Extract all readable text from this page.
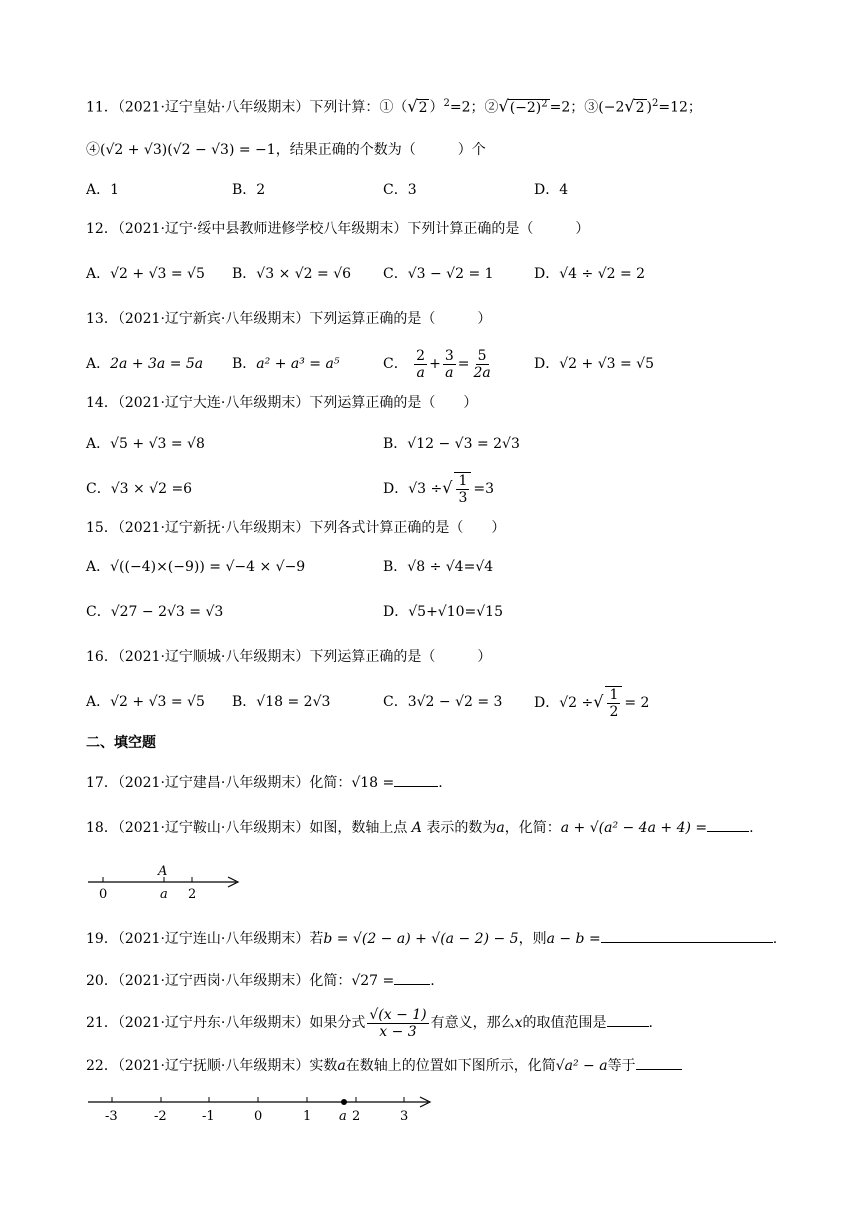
11．（2021·辽宁皇姑·八年级期末）下列计算：①（√2 ）$^2$=2；$②√(-2)^2 =2$；③(−2√2 )$^2$=12；
④(√2 + √3)(√2 − √3) = −1，结果正确的个数为（　　　）个
A．1	B．2	C．3	D．4
12．（2021·辽宁·绥中县教师进修学校八年级期末）下列计算正确的是（　　　）
A．√2 + √3 = √5 B．√3 × √2 = √6 C．√3 − √2 = 1	D．√4 ÷ √2 = 2
13．（2021·辽宁新宾·八年级期末）下列运算正确的是（　　　）
A．2a + 3a = 5a B．a² + a³ = a⁵	C． $\frac{2}{a} + \frac{3}{a} = \frac{5}{2a}$	D．√2 + √3 = √5
14．（2021·辽宁大连·八年级期末）下列运算正确的是（　　）
A．√5 + √3 = √8	B．√12 − √3 = 2√3
C．√3 × √2 =6	D．√3 ÷√ $\frac{1}{3} =3$
15．（2021·辽宁新抚·八年级期末）下列各式计算正确的是（　　）
A．√((−4)×(−9)) = √−4 × √−9	B．√8 ÷ √4=√4
C．√27 − 2√3 = √3	D．√5+√10=√15
16．（2021·辽宁顺城·八年级期末）下列运算正确的是（　　　）
A．√2 + √3 = √5 B．√18 = 2√3	C．3√2 − √2 = 3 D．√2 ÷√ $\frac{1}{2} = 2$
二、填空题
17．（2021·辽宁建昌·八年级期末）化简：√18 =	.
18．（2021·辽宁鞍山·八年级期末）如图，数轴上点 A 表示的数为a，化简：a + √(a² − 4a + 4) =	.
A
0	a 2
19．（2021·辽宁连山·八年级期末）若b = √(2 − a) + √(a − 2) − 5，则a − b =	.
20．（2021·辽宁西岗·八年级期末）化简：√27 =	.
21．（2021·辽宁丹东·八年级期末）如果分式 $\frac{√(x - 1)}{x - 3}$ 有意义，那么x的取值范围是	.
22．（2021·辽宁抚顺·八年级期末）实数a在数轴上的位置如下图所示，化简√a² − a等于
-3	-2	-1	0	1 a 2	3
